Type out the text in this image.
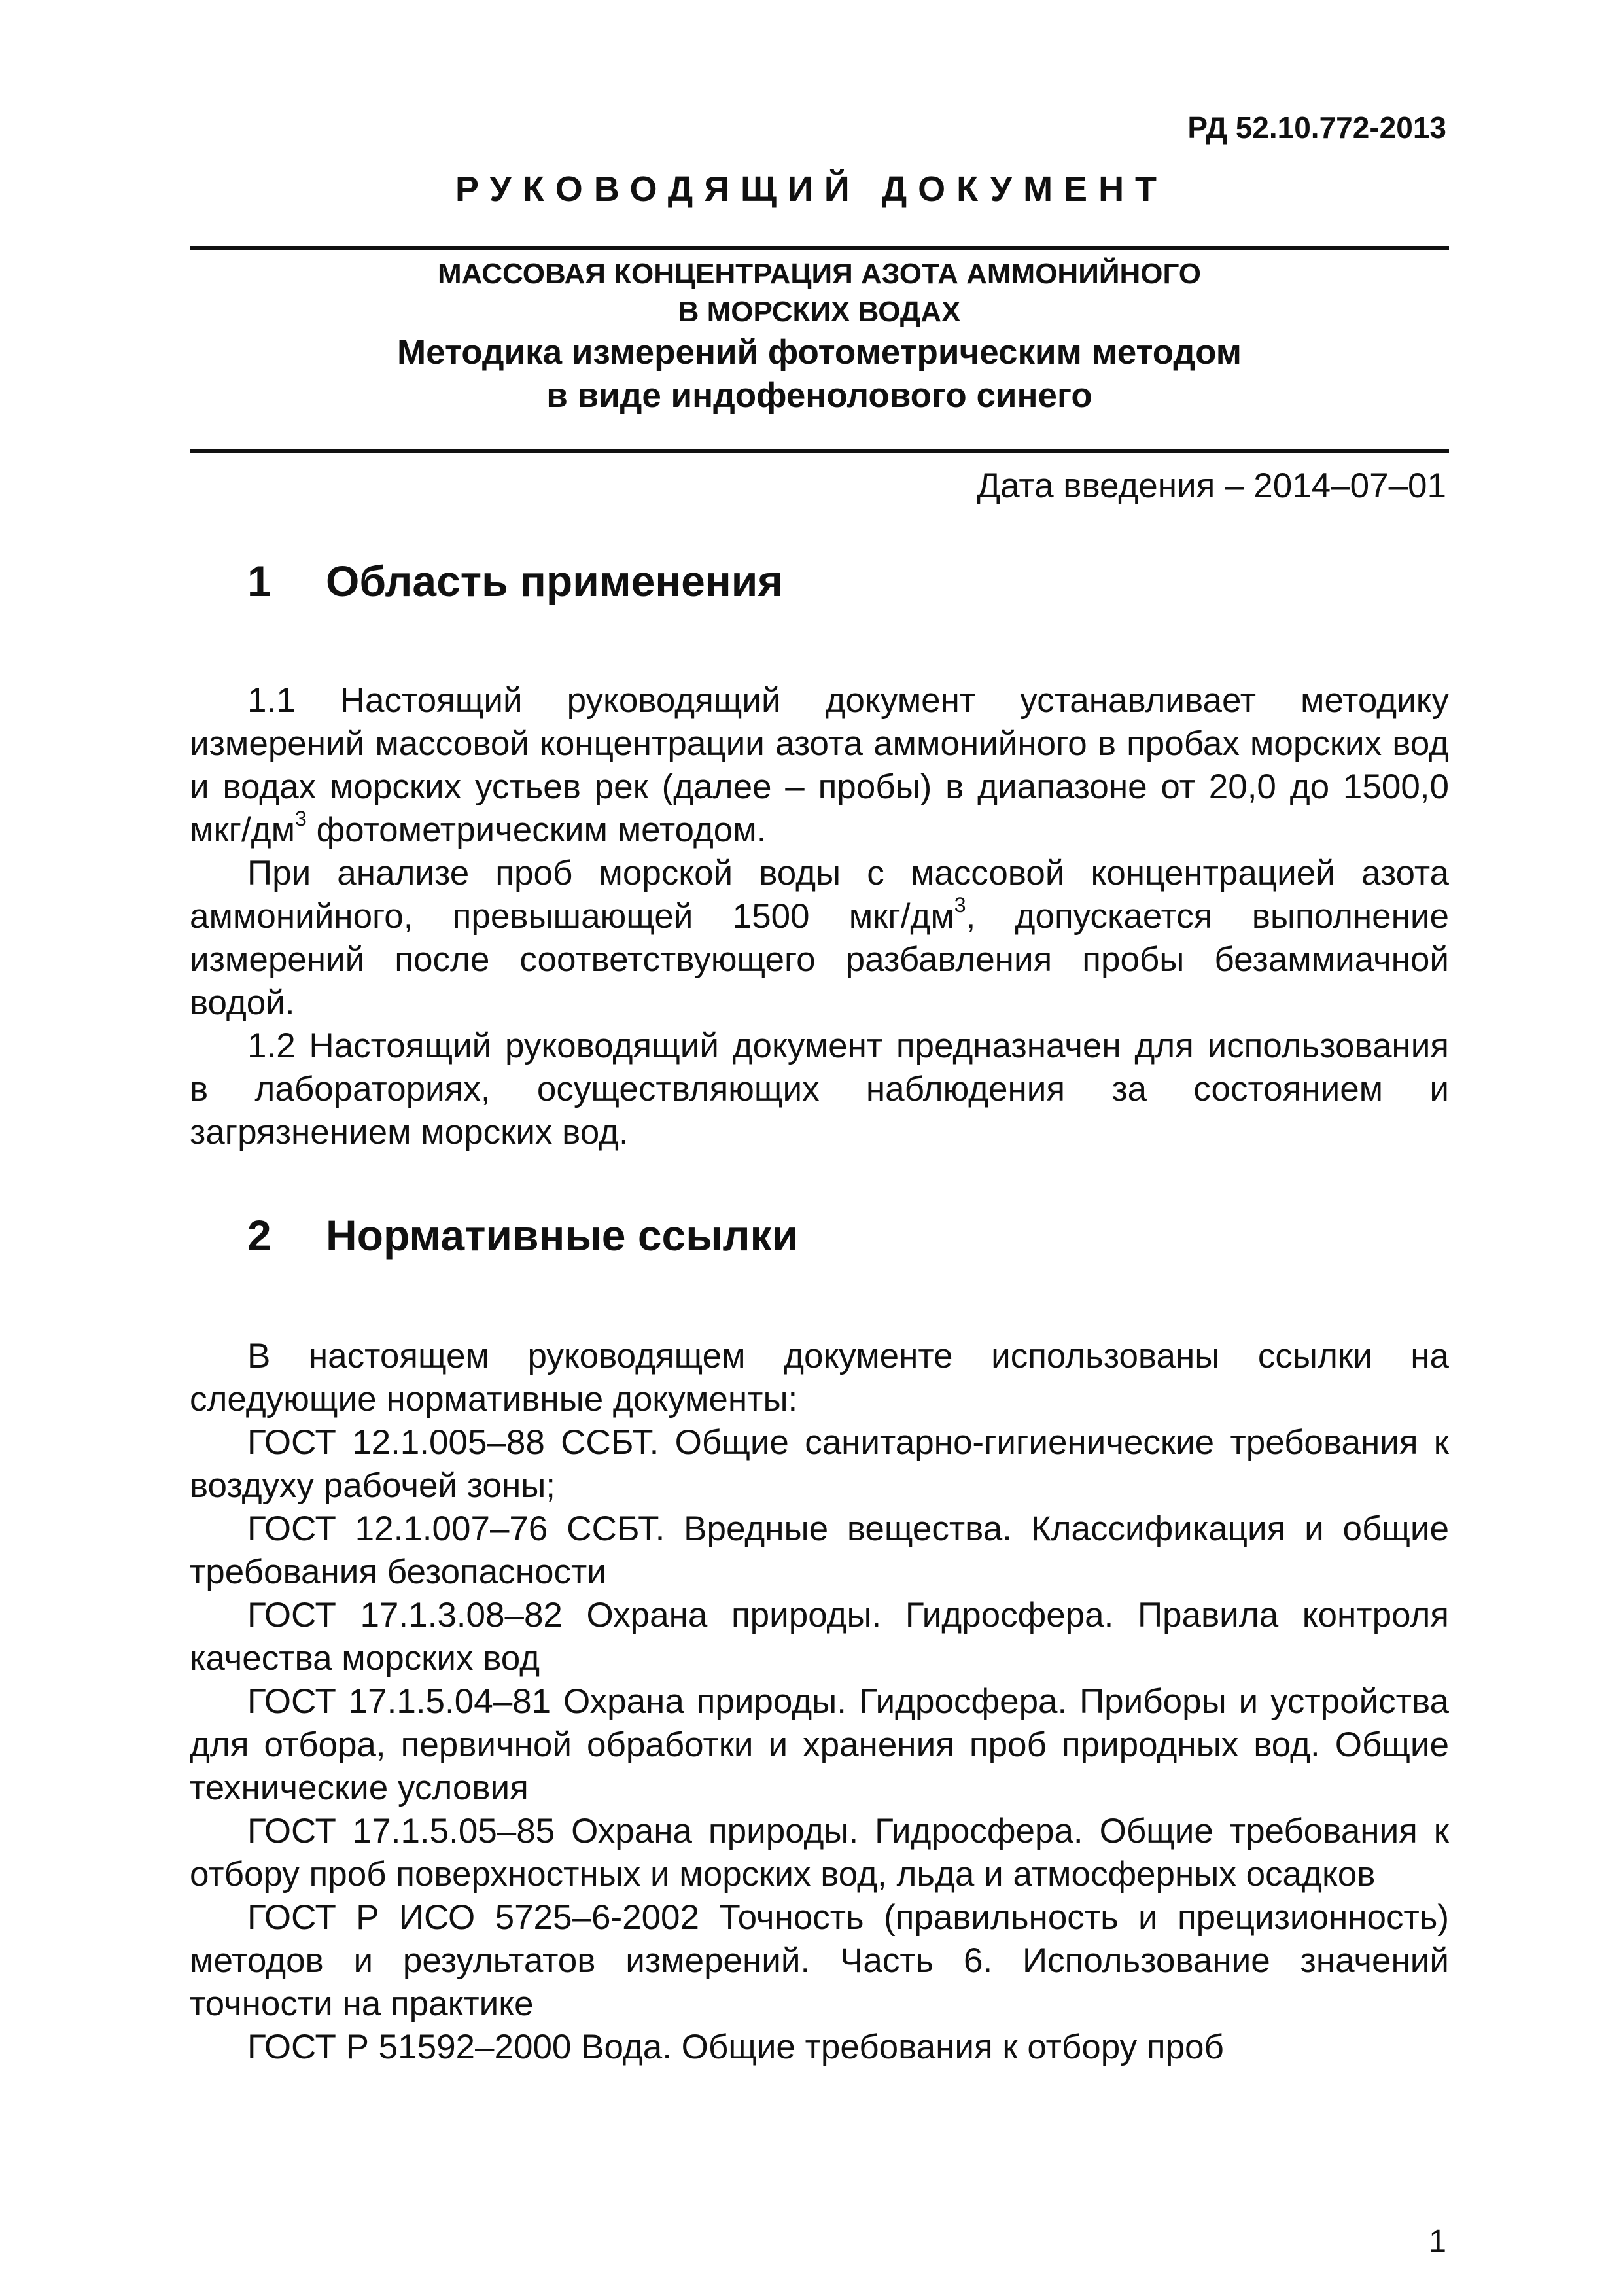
РД 52.10.772-2013
РУКОВОДЯЩИЙ ДОКУМЕНТ
МАССОВАЯ КОНЦЕНТРАЦИЯ АЗОТА АММОНИЙНОГО
В МОРСКИХ ВОДАХ
Методика измерений фотометрическим методом
в виде индофенолового синего
Дата введения – 2014–07–01
1 Область применения

1.1 Настоящий руководящий документ устанавливает методику измерений массовой концентрации азота аммонийного в пробах морских вод и водах морских устьев рек (далее – пробы) в диапазоне от 20,0 до 1500,0 мкг/$дм^3$ фотометрическим методом.

При анализе проб морской воды с массовой концентрацией азота аммонийного, превышающей 1500 мкг/$дм^3$, допускается выполнение измерений после соответствующего разбавления пробы безаммиачной водой.

1.2 Настоящий руководящий документ предназначен для использования в лабораториях, осуществляющих наблюдения за состоянием и загрязнением морских вод.

2 Нормативные ссылки

В настоящем руководящем документе использованы ссылки на следующие нормативные документы:

ГОСТ 12.1.005–88 ССБТ. Общие санитарно-гигиенические требования к воздуху рабочей зоны;

ГОСТ 12.1.007–76 ССБТ. Вредные вещества. Классификация и общие требования безопасности

ГОСТ 17.1.3.08–82 Охрана природы. Гидросфера. Правила контроля качества морских вод

ГОСТ 17.1.5.04–81 Охрана природы. Гидросфера. Приборы и устройства для отбора, первичной обработки и хранения проб природных вод. Общие технические условия

ГОСТ 17.1.5.05–85 Охрана природы. Гидросфера. Общие требования к отбору проб поверхностных и морских вод, льда и атмосферных осадков

ГОСТ Р ИСО 5725–6-2002 Точность (правильность и прецизионность) методов и результатов измерений. Часть 6. Использование значений точности на практике

ГОСТ Р 51592–2000 Вода. Общие требования к отбору проб

1
